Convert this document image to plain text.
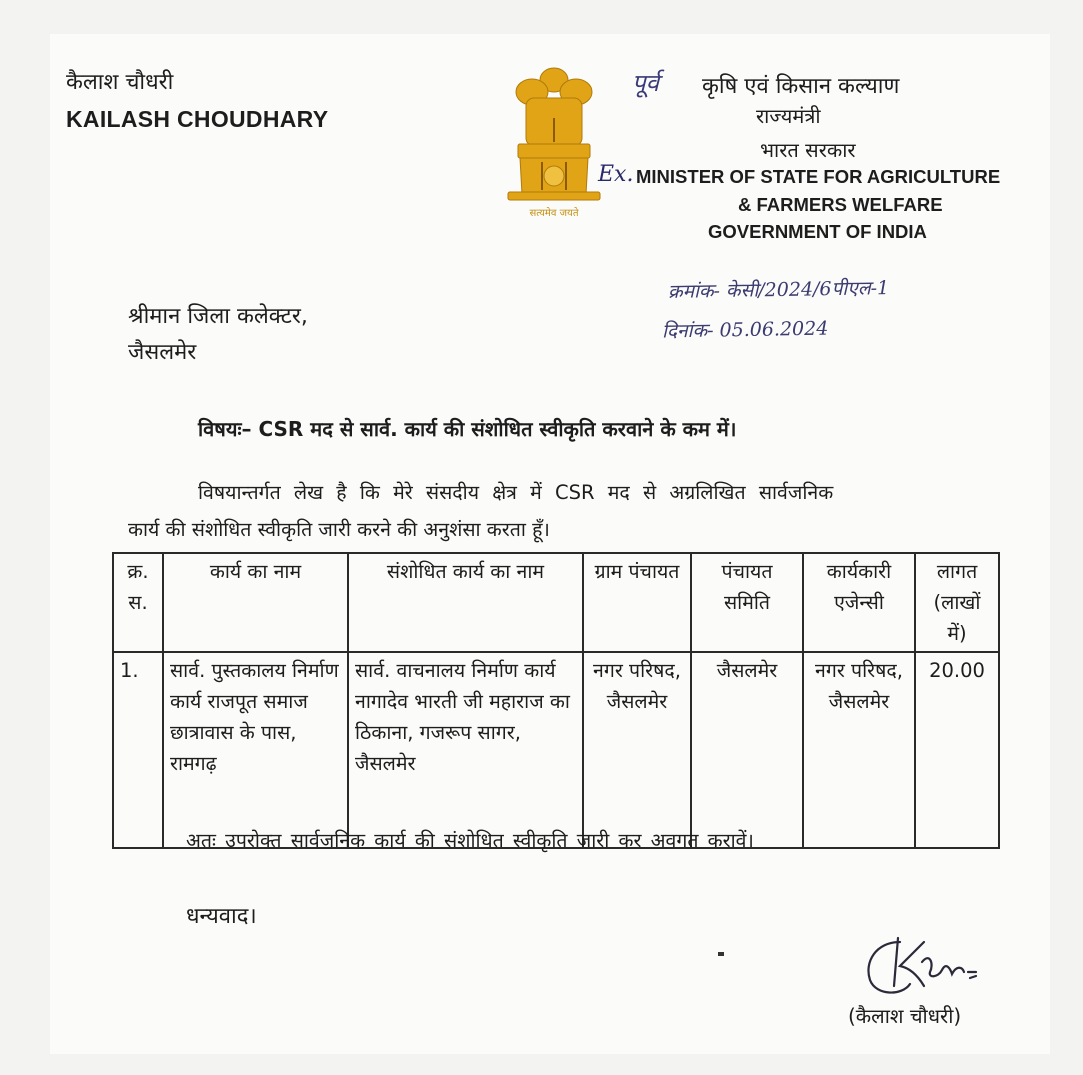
कैलाश चौधरी
KAILASH CHOUDHARY
सत्यमेव जयते
पूर्व कृषि एवं किसान कल्याण
राज्यमंत्री
भारत सरकार
Ex. MINISTER OF STATE FOR AGRICULTURE
& FARMERS WELFARE
GOVERNMENT OF INDIA
क्रमांक- केसी/2024/6पीएल-1
दिनांक- 05.06.2024
श्रीमान जिला कलेक्टर,
जैसलमेर
विषयः– CSR मद से सार्व. कार्य की संशोधित स्वीकृति करवाने के कम में।
विषयान्तर्गत लेख है कि मेरे संसदीय क्षेत्र में CSR मद से अग्रलिखित सार्वजनिक
कार्य की संशोधित स्वीकृति जारी करने की अनुशंसा करता हूँ।
क्र. स.	कार्य का नाम	संशोधित कार्य का नाम	ग्राम पंचायत	पंचायत समिति	कार्यकारी एजेन्सी	लागत (लाखों में)
1.	सार्व. पुस्तकालय निर्माण कार्य राजपूत समाज छात्रावास के पास, रामगढ़	सार्व. वाचनालय निर्माण कार्य नागादेव भारती जी महाराज का ठिकाना, गजरूप सागर, जैसलमेर	नगर परिषद, जैसलमेर	जैसलमेर	नगर परिषद, जैसलमेर	20.00
अतः उपरोक्त सार्वजनिक कार्य की संशोधित स्वीकृति जारी कर अवगत करावें।
धन्यवाद।
(कैलाश चौधरी)
